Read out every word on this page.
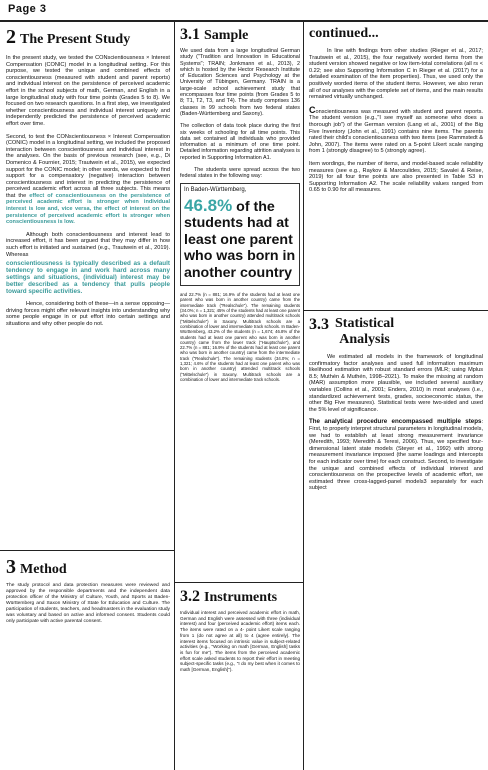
Page 3
2 The Present Study

In the present study, we tested the CONscientiousness × Interest Compensation (CONIC) model in a longitudinal setting. For this purpose, we tested the unique and combined effects of conscientiousness (measured with student and parent reports) and individual interest on the persistence of perceived academic effort in the school subjects of math, German, and English in a large longitudinal study with four time points (Grades 5 to 8). We focused on two research questions. In a first step, we investigated whether conscientiousness and individual interest uniquely and independently predicted the persistence of perceived academic effort over time.

Second, to test the CONscientiousness × Interest Compensation (CONIC) model in a longitudinal setting, we included the proposed interaction between conscientiousness and individual interest in the analyses. On the basis of previous research (see, e.g., Di Domenico & Fournier, 2015; Trautwein et al., 2015), we expected support for the CONIC model; in other words, we expected to find support for a compensatory (negative) interaction between conscientiousness and interest in predicting the persistence of perceived academic effort across all three subjects. This means that the effect of conscientiousness on the persistence of perceived academic effort is stronger when individual interest is low and, vice versa, the effect of interest on the persistence of perceived academic effort is stronger when conscientiousness is low.

Although both conscientiousness and interest lead to increased effort, it has been argued that they may differ in how such effort is initiated and sustained (e.g., Trautwein et al., 2019). Whereas

conscientiousness is typically described as a default tendency to engage in and work hard across many settings and situations, (individual) interest may be better described as a tendency that pulls people toward specific activities.

Hence, considering both of these—in a sense opposing—driving forces might offer relevant insights into understanding why some people engage in or put effort into certain settings and situations and why other people do not.

3 Method

The study protocol and data protection measures were reviewed and approved by the responsible departments and the independent data protection officer of the Ministry of Culture, Youth, and Sports at Baden-Württemberg and Saxon Ministry of State for Education and Culture. The participation of students, teachers, and headmasters in the evaluation study was voluntary and based on active and informed consent. Students could only participate with active parental consent.

3.1 Sample

We used data from a large longitudinal German study ("Tradition and Innovation in Educational Systems"; TRAIN; Jonkmann et al., 2013), 2 which is hosted by the Hector Research Institute of Education Sciences and Psychology at the University of Tübingen, Germany. TRAIN is a large-scale school achievement study that encompasses four time points (from Grades 5 to 8; T1, T2, T3, and T4). The study comprises 136 classes in 99 schools from two federal states (Baden-Württemberg and Saxony).

The collection of data took place during the first six weeks of schooling for all time points. This data set contained all individuals who provided information at a minimum of one time point. Detailed information regarding attrition analyses is reported in Supporting Information A1.

The students were spread across the two federal states in the following way:

In Baden-Württemberg,
46.8% of the students had at least one parent who was born in another country

and 22.7% (n = 881; 16.9% of the students had at least one parent who was born in another country) came from the intermediate track ("Realschule"). The remaining students (34.0%; n = 1,321; 45% of the students had at least one parent who was born in another country) attended multitrack schools ("Mittelschule") in Saxony. Multitrack schools are a combination of lower and intermediate track schools. In Baden-Württemberg, 43.2% of the students (n = 1,674; 46.8% of the students had at least one parent who was born in another country) came from the lower track ("Hauptschule"), and 22.7% (n = 881; 16.9% of the students had at least one parent who was born in another country) came from the intermediate track ("Realschule"). The remaining students (34.0%; n = 1,321; 4.6% of the students had at least one parent who was born in another country) attended multitrack schools ("Mittelschule") in Saxony. Multitrack schools are a combination of lower and intermediate track schools.

3.2 Instruments

Individual interest and perceived academic effort in math, German and English were assessed with three (individual interest) and four (perceived academic effort) items each. The items were rated on a 4- point Likert scale ranging from 1 (do not agree at all) to 4 (agree entirely). The interest items focused on intrinsic value in subject-related activities (e.g., "Working on math [German, English] tasks is fun for me"). The items from the perceived academic effort scale asked students to report their effort in meeting subject-specific tasks (e.g., "I do my best when it comes to math [German, English]").

continued...

In line with findings from other studies (Rieger et al., 2017; Trautwein et al., 2015), the four negatively worded items from the student version showed negative or low item-total correlations (all rs < 0.22; see also Supporting Information C in Rieger et al. (2017) for a detailed examination of the item properties). Thus, we used only the positively worded items of the student items. However, we also reran all of our analyses with the complete set of items, and the main results remained virtually unchanged.

Conscientiousness was measured with student and parent reports. The student version (e.g.,"I see myself as someone who does a thorough job") of the German version (Lang et al., 2001) of the Big Five Inventory (John et al., 1991) contains nine items. The parents rated their child's conscientiousness with two items (see Rammstedt & John, 2007). The items were rated on a 5-point Likert scale ranging from 1 (strongly disagree) to 5 (strongly agree).

Item wordings, the number of items, and model-based scale reliability measures (see e.g., Raykov & Marcoulides, 2015; Savalei & Reise, 2019) for all four time points are also presented in Table S3 in Supporting Information A2. The scale reliability values ranged from 0.65 to 0.90 for all measures.

3.3 Statistical
Analysis

We estimated all models in the framework of longitudinal confirmatory factor analyses and used full information maximum likelihood estimation with robust standard errors (MLR; using Mplus 8.5; Muthén & Muthén, 1998–2021). To make the missing at random (MAR) assumption more plausible, we included several auxiliary variables (Collins et al., 2001; Enders, 2010) in most analyses (i.e., standardized achievement tests, grades, socioeconomic status, the other Big Five measures). Statistical tests were two-sided and used the 5% level of significance.

The analytical procedure encompassed multiple steps: First, to properly interpret structural parameters in longitudinal models, we had to establish at least strong measurement invariance (Meredith, 1993; Meredith & Teresi, 2006). Thus, we specified four-dimensional latent state models (Steyer et al., 1992) with strong measurement invariance imposed (the same loadings and intercepts for each indicator over time) for each construct. Second, to investigate the unique and combined effects of individual interest and conscientiousness on the prospective levels of academic effort, we estimated three cross-lagged-panel models3 separately for each subject
